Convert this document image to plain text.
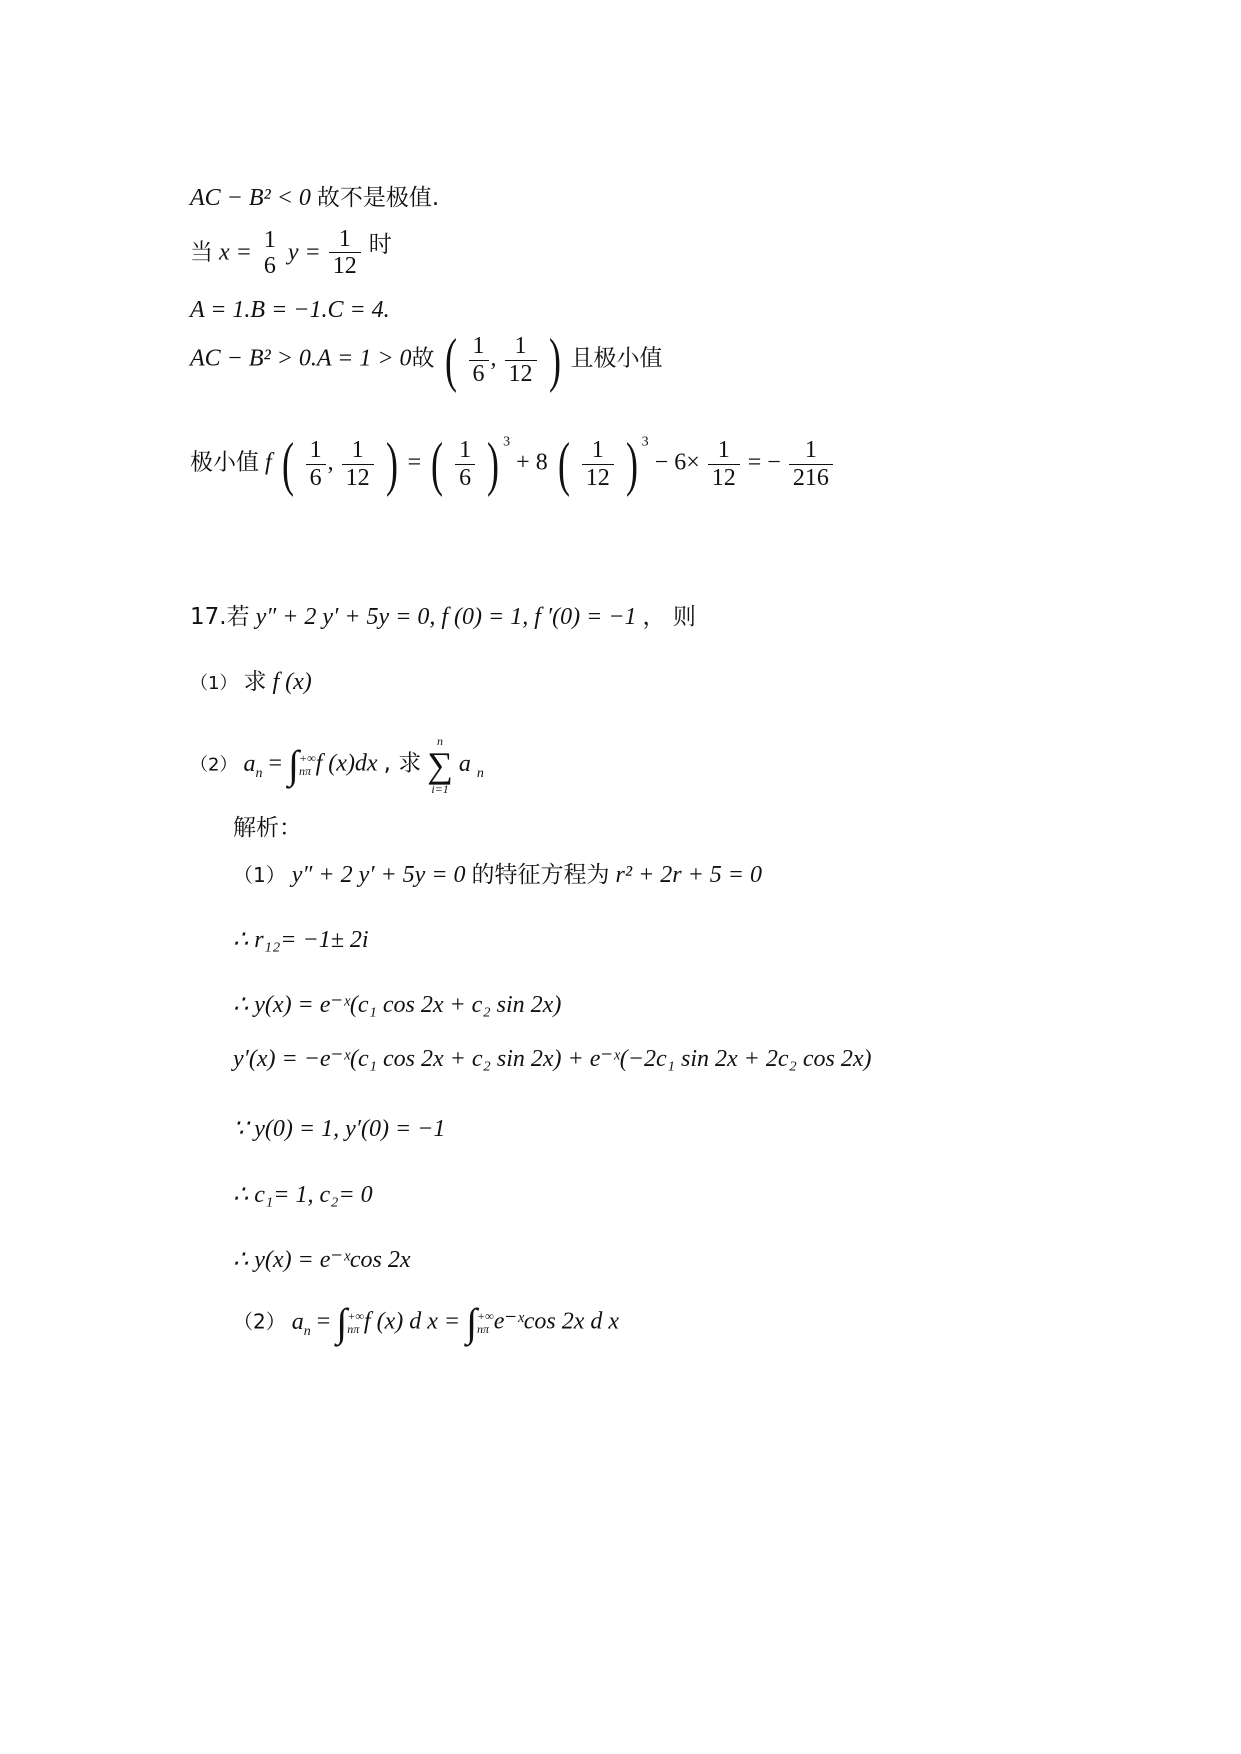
AC − B² < 0 故不是极值.
当 x = 1
6
$y = \frac{1}{12}$ 时
A = 1.B = −1.C = 4.
AC − B² > 0.A = 1 > 0故 ( $\frac{1}{6}$ , $\frac{1}{12}$ ) 且极小值
极小值 f ( $\frac{1}{6}$ , $\frac{1}{12}$ ) = ( $\frac{1}{6}$ ) $^3$ + 8 ( $\frac{1}{12}$ ) $^3 - 6\times \frac{1}{12}$ = − $\frac{1}{216}$
17.若 y″ + 2 y′ + 5y = 0, f (0) = 1, f ′(0) = −1 ， 则
（1） 求 f (x)
（2） $a_n$ = ∫ +∞
nπ f (x)dx , 求
n
∑
i=1
a $_n$
解析：
（1） y″ + 2 y′ + 5y = 0 的特征方程为 r² + 2r + 5 = 0
∴ r₁₂= −1± 2i
∴ y(x) = e⁻ˣ(c₁ cos 2x + c₂ sin 2x)
y′(x) = −e⁻ˣ(c₁ cos 2x + c₂ sin 2x) + e⁻ˣ(−2c₁ sin 2x + 2c₂ cos 2x)
∵ y(0) = 1, y′(0) = −1
∴ c₁= 1, c₂= 0
∴ y(x) = e⁻ˣcos 2x
（2） $a_n$ = ∫ +∞
nπ f (x) d x = ∫ +∞
nπ e⁻ˣcos 2x d x
